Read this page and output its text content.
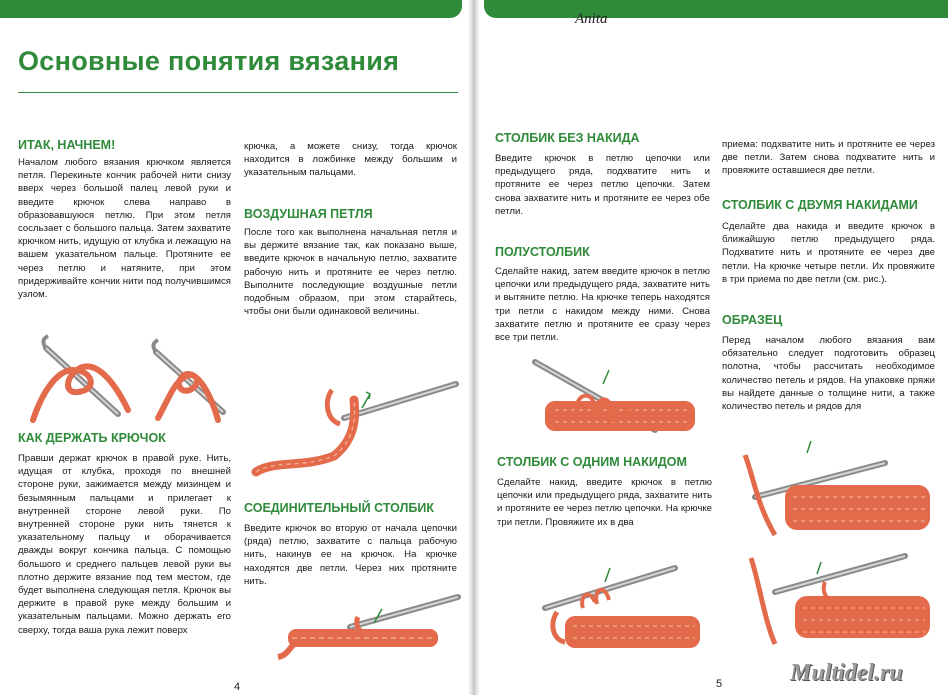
Anita
Основные понятия вязания
ИТАК, НАЧНЕМ!
Началом любого вязания крючком является петля. Перекиньте кончик рабочей нити снизу вверх через большой палец левой руки и введите крючок слева направо в образовавшуюся петлю. При этом петля сосльзает с большого пальца. Затем захватите крючком нить, идущую от клубка и лежащую на вашем указательном пальце. Протяните ее через петлю и натяните, при этом придерживайте кончик нити под получившимся узлом.
КАК ДЕРЖАТЬ КРЮЧОК
Правши держат крючок в правой руке. Нить, идущая от клубка, проходя по внешней стороне руки, зажимается между мизинцем и безымянным пальцами и прилегает к внутренней стороне левой руки. По внутренней стороне руки нить тянется к указательному пальцу и оборачивается дважды вокруг кончика пальца. С помощью большого и среднего пальцев левой руки вы плотно держите вязание под тем местом, где будет выполнена следующая петля. Крючок вы держите в правой руке между большим и указательным пальцами. Можно держать его сверху, тогда ваша рука лежит поверх
крючка, а можете снизу, тогда крючок находится в ложбинке между большим и указательным пальцами.
ВОЗДУШНАЯ ПЕТЛЯ
После того как выполнена начальная петля и вы держите вязание так, как показано выше, введите крючок в начальную петлю, захватите рабочую нить и протяните ее через петлю. Выполните последующие воздушные петли подобным образом, при этом старайтесь, чтобы они были одинаковой величины.
СОЕДИНИТЕЛЬНЫЙ СТОЛБИК
Введите крючок во вторую от начала цепочки (ряда) петлю, захватите с пальца рабочую нить, накинув ее на крючок. На крючке находятся две петли. Через них протяните нить.
4
СТОЛБИК БЕЗ НАКИДА
Введите крючок в петлю цепочки или предыдущего ряда, подхватите нить и протяните ее через петлю цепочки. Затем снова захватите нить и протяните ее через обе петли.
ПОЛУСТОЛБИК
Сделайте накид, затем введите крючок в петлю цепочки или предыдущего ряда, захватите нить и вытяните петлю. На крючке теперь находятся три петли с накидом между ними. Снова захватите петлю и протяните ее сразу через все три петли.
СТОЛБИК С ОДНИМ НАКИДОМ
Сделайте накид, введите крючок в петлю цепочки или предыдущего ряда, захватите нить и протяните ее через петлю цепочки. На крючке три петли. Провяжите их в два
приема: подхватите нить и протяните ее через две петли. Затем снова подхватите нить и провяжите оставшиеся две петли.
СТОЛБИК С ДВУМЯ НАКИДАМИ
Сделайте два накида и введите крючок в ближайшую петлю предыдущего ряда. Подхватите нить и протяните ее через две петли. На крючке четыре петли. Их провяжите в три приема по две петли (см. рис.).
ОБРАЗЕЦ
Перед началом любого вязания вам обязательно следует подготовить образец полотна, чтобы рассчитать необходимое количество петель и рядов. На упаковке пряжи вы найдете данные о толщине нити, а также количество петель и рядов для
5	Multidel.ru
